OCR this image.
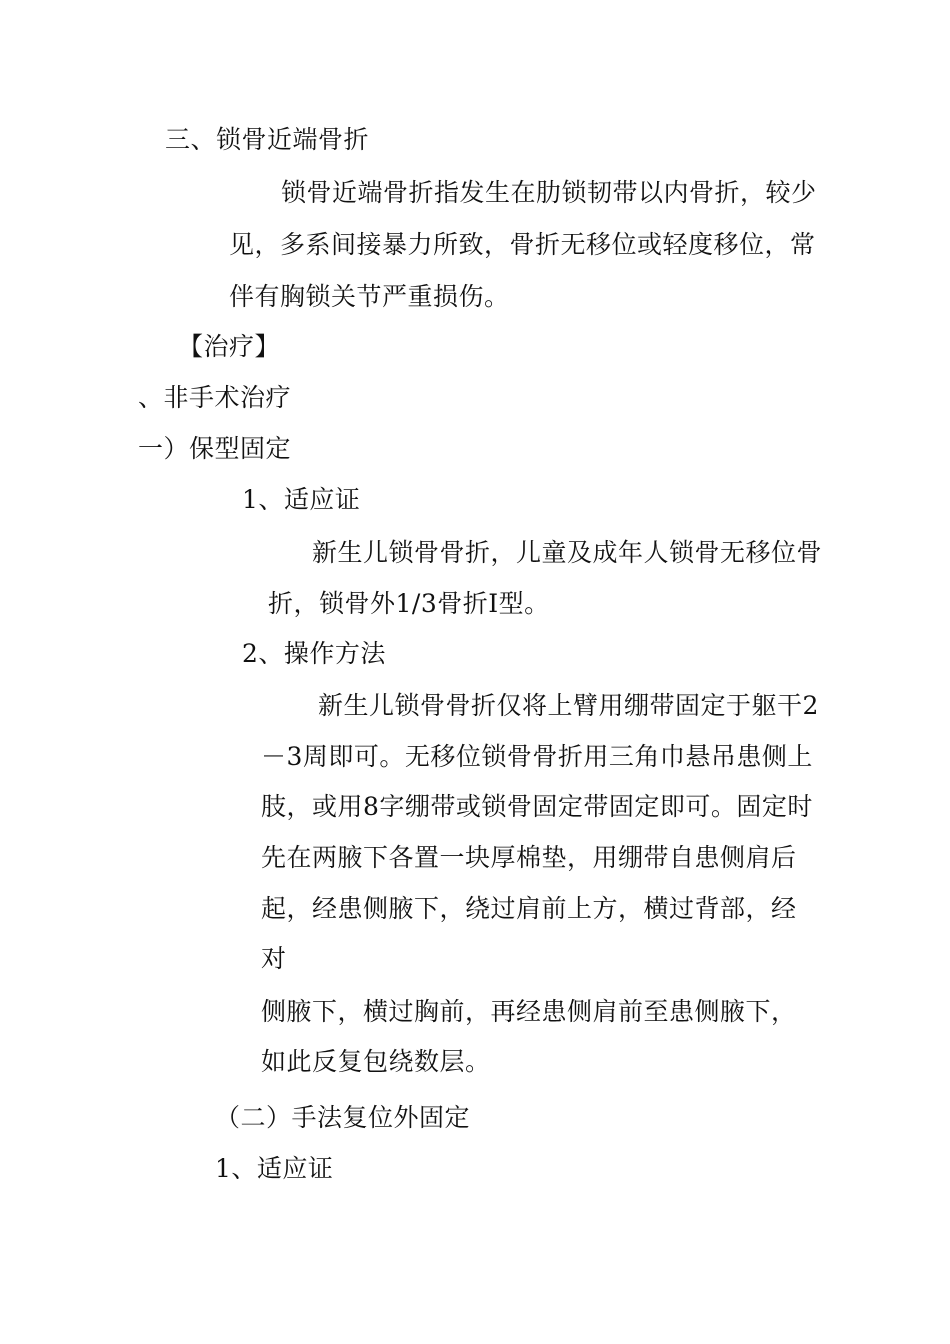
三、锁骨近端骨折
锁骨近端骨折指发生在肋锁韧带以内骨折，较少
见，多系间接暴力所致，骨折无移位或轻度移位，常
伴有胸锁关节严重损伤。
【治疗】
、非手术治疗
一）保型固定
1、适应证
新生儿锁骨骨折，儿童及成年人锁骨无移位骨
折，锁骨外1/3骨折Ⅰ型。
2、操作方法
新生儿锁骨骨折仅将上臂用绷带固定于躯干2
－3周即可。无移位锁骨骨折用三角巾悬吊患侧上
肢，或用8字绷带或锁骨固定带固定即可。固定时
先在两腋下各置一块厚棉垫，用绷带自患侧肩后
起，经患侧腋下，绕过肩前上方，横过背部，经
对
侧腋下，横过胸前，再经患侧肩前至患侧腋下，
如此反复包绕数层。
（二）手法复位外固定
1、适应证
